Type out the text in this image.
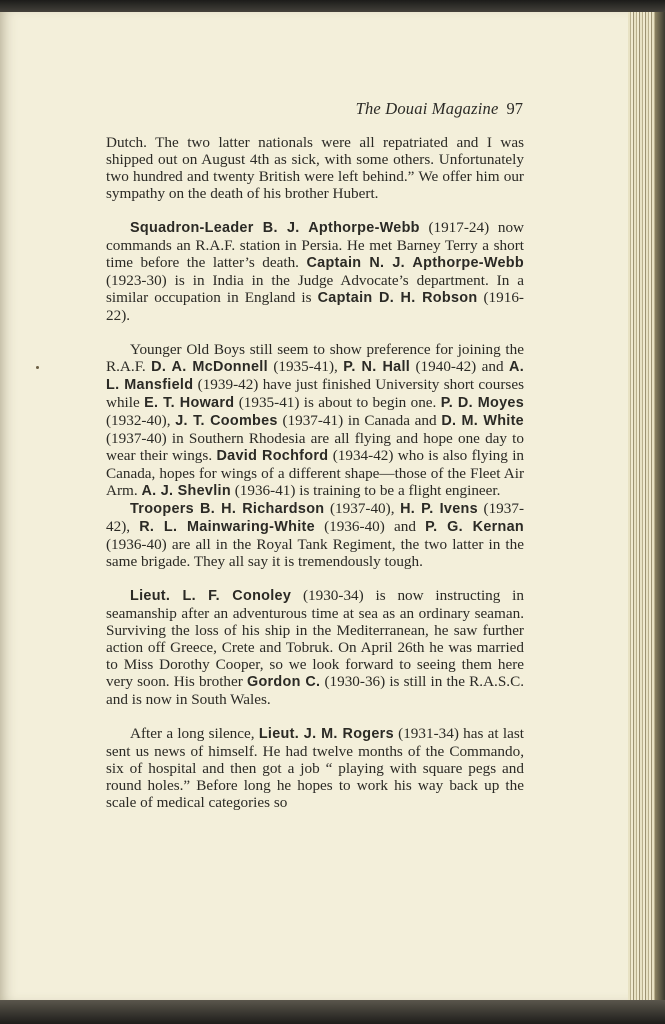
The Douai Magazine 97

Dutch. The two latter nationals were all repatriated and I was shipped out on August 4th as sick, with some others. Unfortunately two hundred and twenty British were left behind.” We offer him our sympathy on the death of his brother Hubert.

Squadron-Leader B. J. Apthorpe-Webb (1917-24) now commands an R.A.F. station in Persia. He met Barney Terry a short time before the latter’s death. Captain N. J. Apthorpe-Webb (1923-30) is in India in the Judge Advocate’s department. In a similar occupation in England is Captain D. H. Robson (1916-22).

Younger Old Boys still seem to show preference for joining the R.A.F. D. A. McDonnell (1935-41), P. N. Hall (1940-42) and A. L. Mansfield (1939-42) have just finished University short courses while E. T. Howard (1935-41) is about to begin one. P. D. Moyes (1932-40), J. T. Coombes (1937-41) in Canada and D. M. White (1937-40) in Southern Rhodesia are all flying and hope one day to wear their wings. David Rochford (1934-42) who is also flying in Canada, hopes for wings of a different shape—those of the Fleet Air Arm. A. J. Shevlin (1936-41) is training to be a flight engineer.

Troopers B. H. Richardson (1937-40), H. P. Ivens (1937-42), R. L. Mainwaring-White (1936-40) and P. G. Kernan (1936-40) are all in the Royal Tank Regiment, the two latter in the same brigade. They all say it is tremendously tough.

Lieut. L. F. Conoley (1930-34) is now instructing in seamanship after an adventurous time at sea as an ordinary seaman. Surviving the loss of his ship in the Mediterranean, he saw further action off Greece, Crete and Tobruk. On April 26th he was married to Miss Dorothy Cooper, so we look forward to seeing them here very soon. His brother Gordon C. (1930-36) is still in the R.A.S.C. and is now in South Wales.

After a long silence, Lieut. J. M. Rogers (1931-34) has at last sent us news of himself. He had twelve months of the Commando, six of hospital and then got a job “ playing with square pegs and round holes.” Before long he hopes to work his way back up the scale of medical categories so
